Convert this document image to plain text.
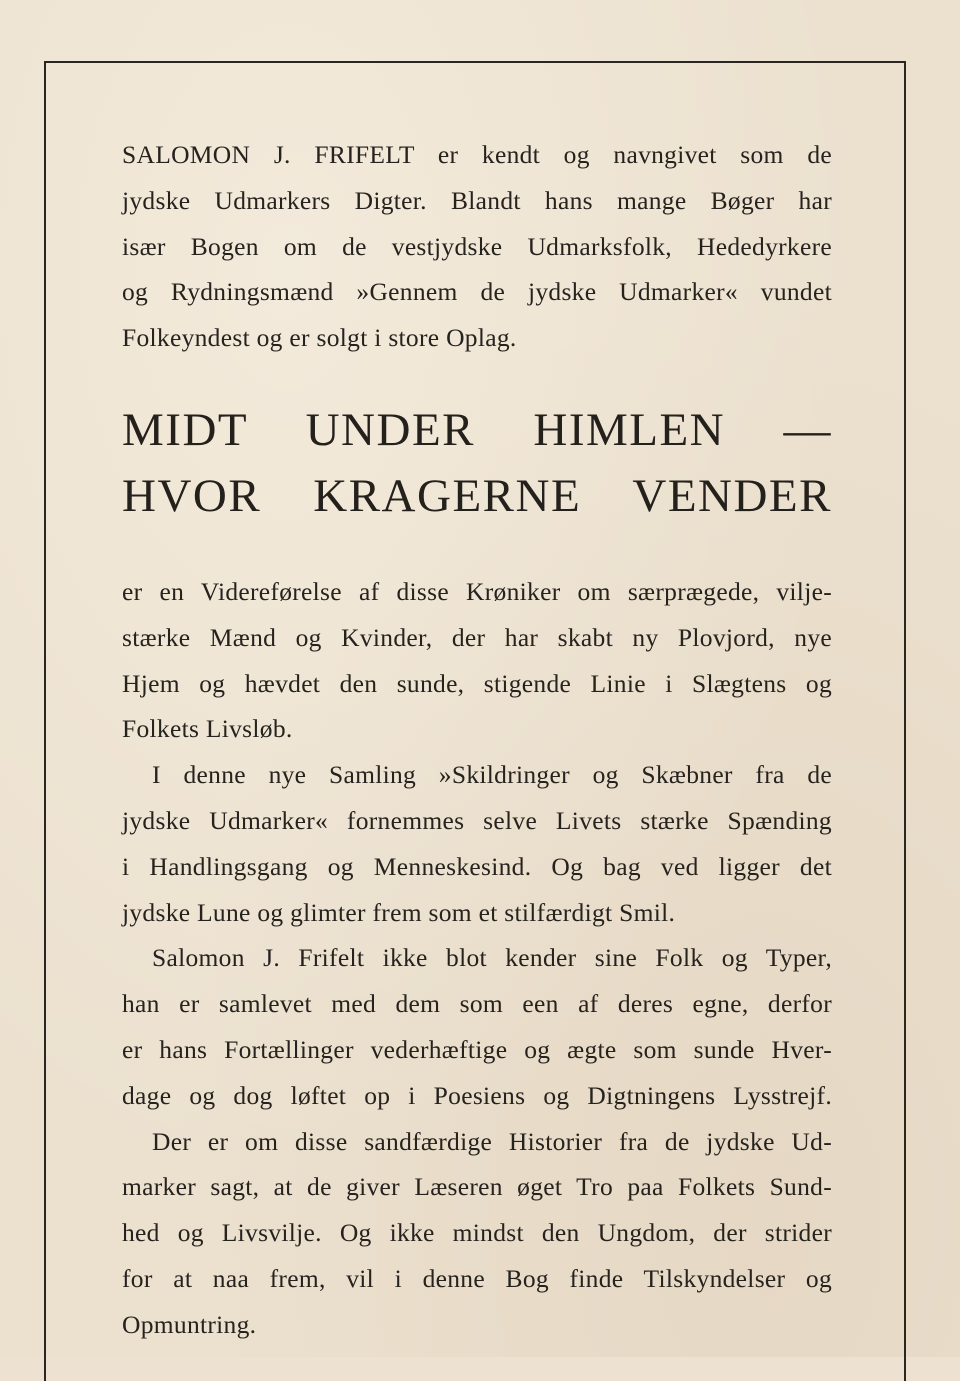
SALOMON J. FRIFELT er kendt og navngivet som de
jydske Udmarkers Digter. Blandt hans mange Bøger har
især Bogen om de vestjydske Udmarksfolk, Hededyrkere
og Rydningsmænd »Gennem de jydske Udmarker« vundet
Folkeyndest og er solgt i store Oplag.

MIDT UNDER HIMLEN —
HVOR KRAGERNE VENDER

er en Videreførelse af disse Krøniker om særprægede, vilje-
stærke Mænd og Kvinder, der har skabt ny Plovjord, nye
Hjem og hævdet den sunde, stigende Linie i Slægtens og
Folkets Livsløb.

I denne nye Samling »Skildringer og Skæbner fra de
jydske Udmarker« fornemmes selve Livets stærke Spænding
i Handlingsgang og Menneskesind. Og bag ved ligger det
jydske Lune og glimter frem som et stilfærdigt Smil.

Salomon J. Frifelt ikke blot kender sine Folk og Typer,
han er samlevet med dem som een af deres egne, derfor
er hans Fortællinger vederhæftige og ægte som sunde Hver-
dage og dog løftet op i Poesiens og Digtningens Lysstrejf.

Der er om disse sandfærdige Historier fra de jydske Ud-
marker sagt, at de giver Læseren øget Tro paa Folkets Sund-
hed og Livsvilje. Og ikke mindst den Ungdom, der strider
for at naa frem, vil i denne Bog finde Tilskyndelser og
Opmuntring.
